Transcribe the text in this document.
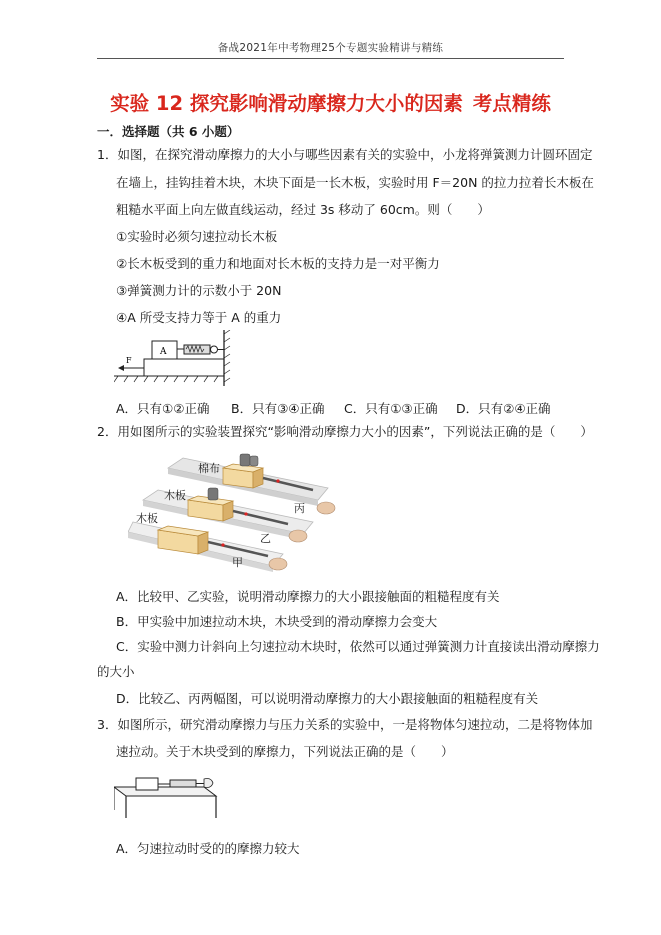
备战2021年中考物理25个专题实验精讲与精练
实验 12 探究影响滑动摩擦力大小的因素 考点精练
一．选择题（共 6 小题）
1．如图，在探究滑动摩擦力的大小与哪些因素有关的实验中，小龙将弹簧测力计圆环固定
在墙上，挂钩挂着木块，木块下面是一长木板，实验时用 F＝20N 的拉力拉着长木板在
粗糙水平面上向左做直线运动，经过 3s 移动了 60cm。则（　　）
①实验时必须匀速拉动长木板
②长木板受到的重力和地面对长木板的支持力是一对平衡力
③弹簧测力计的示数小于 20N
④A 所受支持力等于 A 的重力
A
F
A．只有①②正确 B．只有③④正确 C．只有①③正确 D．只有②④正确
2．用如图所示的实验装置探究“影响滑动摩擦力大小的因素”，下列说法正确的是（　　）
棉布
木板
木板
丙
乙
甲
A．比较甲、乙实验，说明滑动摩擦力的大小跟接触面的粗糙程度有关
B．甲实验中加速拉动木块，木块受到的滑动摩擦力会变大
C．实验中测力计斜向上匀速拉动木块时，依然可以通过弹簧测力计直接读出滑动摩擦力
的大小
D．比较乙、丙两幅图，可以说明滑动摩擦力的大小跟接触面的粗糙程度有关
3．如图所示，研究滑动摩擦力与压力关系的实验中，一是将物体匀速拉动，二是将物体加
速拉动。关于木块受到的摩擦力，下列说法正确的是（　　）
A．匀速拉动时受的的摩擦力较大
